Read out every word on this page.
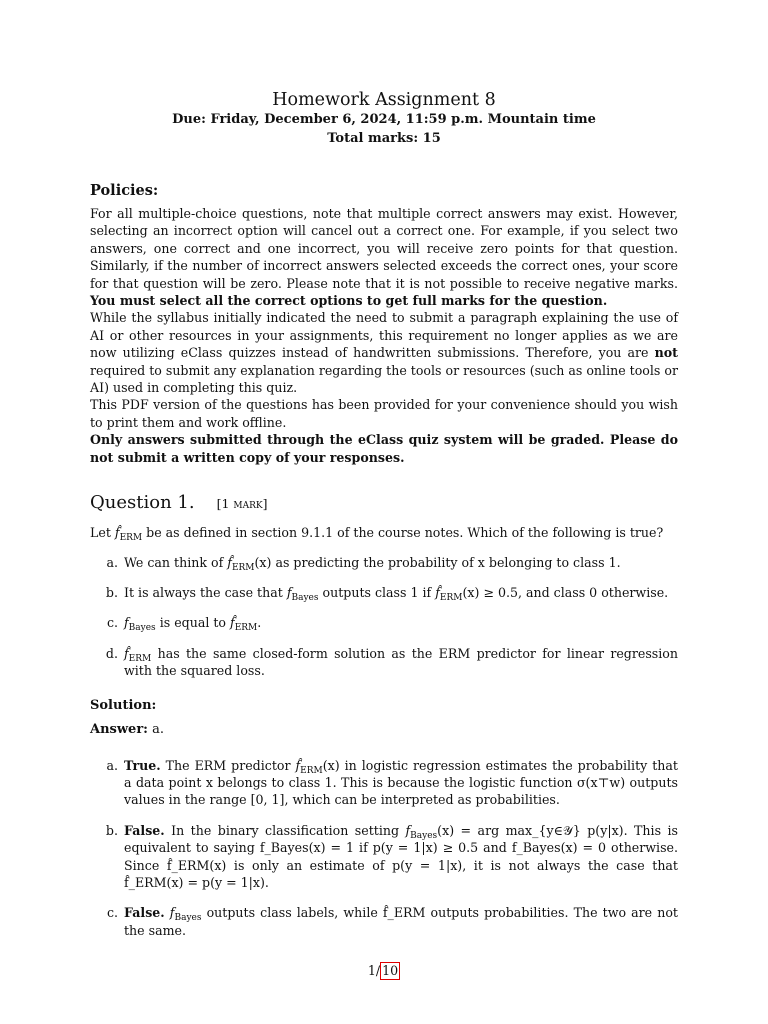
Homework Assignment 8
Due: Friday, December 6, 2024, 11:59 p.m. Mountain time
Total marks: 15
Policies:

For all multiple-choice questions, note that multiple correct answers may exist. However, selecting an incorrect option will cancel out a correct one. For example, if you select two answers, one correct and one incorrect, you will receive zero points for that question. Similarly, if the number of incorrect answers selected exceeds the correct ones, your score for that question will be zero. Please note that it is not possible to receive negative marks. You must select all the correct options to get full marks for the question.

While the syllabus initially indicated the need to submit a paragraph explaining the use of AI or other resources in your assignments, this requirement no longer applies as we are now utilizing eClass quizzes instead of handwritten submissions. Therefore, you are not required to submit any explanation regarding the tools or resources (such as online tools or AI) used in completing this quiz.

This PDF version of the questions has been provided for your convenience should you wish to print them and work offline.

Only answers submitted through the eClass quiz system will be graded. Please do not submit a written copy of your responses.

Question 1. [1 mark]
Let $f̂_{ERM}$ be as defined in section 9.1.1 of the course notes. Which of the following is true?
a. We can think of $f̂_{ERM}(x)$ as predicting the probability of x belonging to class 1.
b. It is always the case that $f_{Bayes}$ outputs class 1 if $f̂_{ERM}(x) \ge 0.5$, and class 0 otherwise.
c. $f_{Bayes}$ is equal to $f̂_{ERM}$.
d. $f̂_{ERM}$ has the same closed-form solution as the ERM predictor for linear regression with the squared loss.
Solution:
Answer: a.
a. True. The ERM predictor $f̂_{ERM}(x)$ in logistic regression estimates the probability that a data point x belongs to class 1. This is because the logistic function σ(x⊤w) outputs values in the range [0, 1], which can be interpreted as probabilities.
b. False. In the binary classification setting $f_{Bayes}(x)$ = arg max_{y∈𝒴} p(y|x). This is equivalent to saying f_Bayes(x) = 1 if p(y = 1|x) ≥ 0.5 and f_Bayes(x) = 0 otherwise. Since f̂_ERM(x) is only an estimate of p(y = 1|x), it is not always the case that f̂_ERM(x) = p(y = 1|x).
c. False. $f_{Bayes}$ outputs class labels, while f̂_ERM outputs probabilities. The two are not the same.
1/ 10
